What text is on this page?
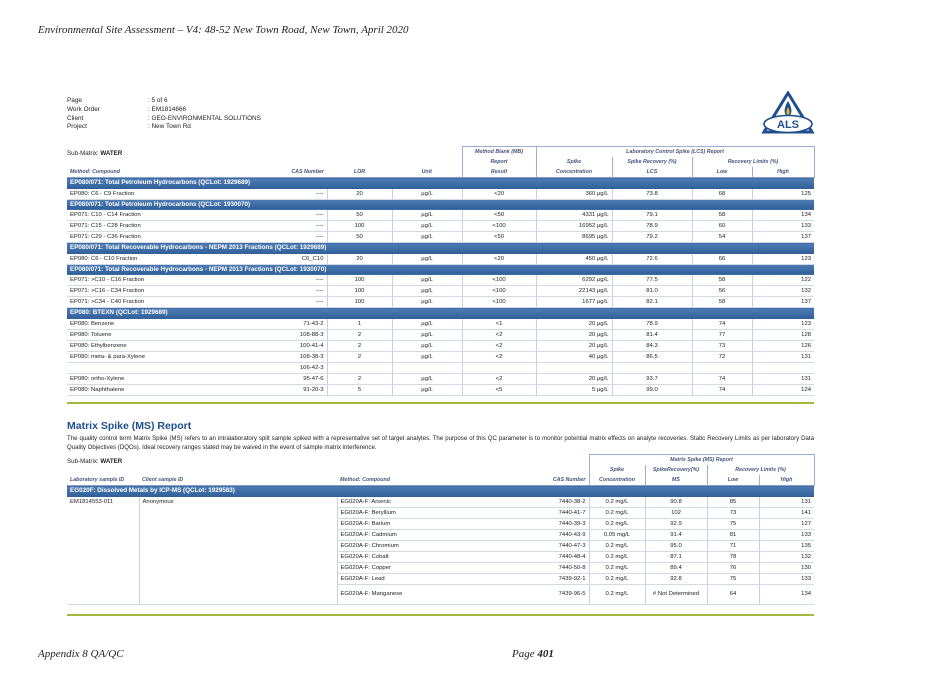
Environmental Site Assessment – V4: 48-52 New Town Road, New Town, April 2020
Page	: 5 of 6
Work Order	: EM1814666
Client	: GEO-ENVIRONMENTAL SOLUTIONS
Project	: New Town Rd	ALS
Sub-Matrix: WATER
					Method Blank (MB)	Laboratory Control Spike (LCS) Report			
				Report	Spike	Spike Recovery (%)	Recovery Limits (%)	
Method: Compound	CAS Number	LOR	Unit	Result	Concentration	LCS	Low	High
EP080/071: Total Petroleum Hydrocarbons (QCLot: 1929689)								
EP080: C6 - C9 Fraction	----	20	µg/L	<20	360 µg/L	73.8	68	125
EP080/071: Total Petroleum Hydrocarbons (QCLot: 1930070)								
EP071: C10 - C14 Fraction	----	50	µg/L	<50	4331 µg/L	79.1	58	134
EP071: C15 - C28 Fraction	----	100	µg/L	<100	16952 µg/L	78.9	60	133
EP071: C29 - C36 Fraction	----	50	µg/L	<50	8695 µg/L	79.2	54	137
EP080/071: Total Recoverable Hydrocarbons - NEPM 2013 Fractions (QCLot: 1929689)								
EP080: C6 - C10 Fraction	C6_C10	20	µg/L	<20	450 µg/L	72.6	66	123
EP080/071: Total Recoverable Hydrocarbons - NEPM 2013 Fractions (QCLot: 1930070)								
EP071: >C10 - C16 Fraction	----	100	µg/L	<100	6292 µg/L	77.5	58	122
EP071: >C16 - C34 Fraction	----	100	µg/L	<100	22143 µg/L	81.0	56	132
EP071: >C34 - C40 Fraction	----	100	µg/L	<100	1677 µg/L	82.1	58	137
EP080: BTEXN (QCLot: 1929689)								
EP080: Benzene	71-43-2	1	µg/L	<1	20 µg/L	78.9	74	123
EP080: Toluene	108-88-3	2	µg/L	<2	20 µg/L	81.4	77	128
EP080: Ethylbenzene	100-41-4	2	µg/L	<2	20 µg/L	84.3	73	126
EP080: meta- & para-Xylene	108-38-3	2	µg/L	<2	40 µg/L	86.5	72	131
	106-42-3							
EP080: ortho-Xylene	95-47-6	2	µg/L	<2	20 µg/L	93.7	74	131
EP080: Naphthalene	91-20-3	5	µg/L	<5	5 µg/L	99.0	74	124
Matrix Spike (MS) Report
The quality control term Matrix Spike (MS) refers to an intralaboratory split sample spiked with a representative set of target analytes. The purpose of this QC parameter is to monitor potential matrix effects on analyte recoveries. Static Recovery Limits as per laboratory Data Quality Objectives (DQOs). Ideal recovery ranges stated may be waived in the event of sample matrix interference.
Sub-Matrix: WATER
					Matrix Spike (MS) Report			
				Spike	SpikeRecovery(%)	Recovery Limits (%)	
Laboratory sample ID	Client sample ID	Method: Compound	CAS Number	Concentration	MS	Low	High
EG020F: Dissolved Metals by ICP-MS (QCLot: 1929583)							
EM1814553-011	Anonymous	EG020A-F: Arsenic	7440-38-2	0.2 mg/L	90.8	85	131
		EG020A-F: Beryllium	7440-41-7	0.2 mg/L	102	73	141
		EG020A-F: Barium	7440-39-3	0.2 mg/L	92.9	75	127
		EG020A-F: Cadmium	7440-43-9	0.05 mg/L	91.4	81	133
		EG020A-F: Chromium	7440-47-3	0.2 mg/L	95.0	71	135
		EG020A-F: Cobalt	7440-48-4	0.2 mg/L	87.1	78	132
		EG020A-F: Copper	7440-50-8	0.2 mg/L	89.4	76	130
		EG020A-F: Lead	7439-92-1	0.2 mg/L	92.8	75	133
		EG020A-F: Manganese	7439-96-5	0.2 mg/L	# Not Determined	64	134
Appendix 8 QA/QC	Page 401
